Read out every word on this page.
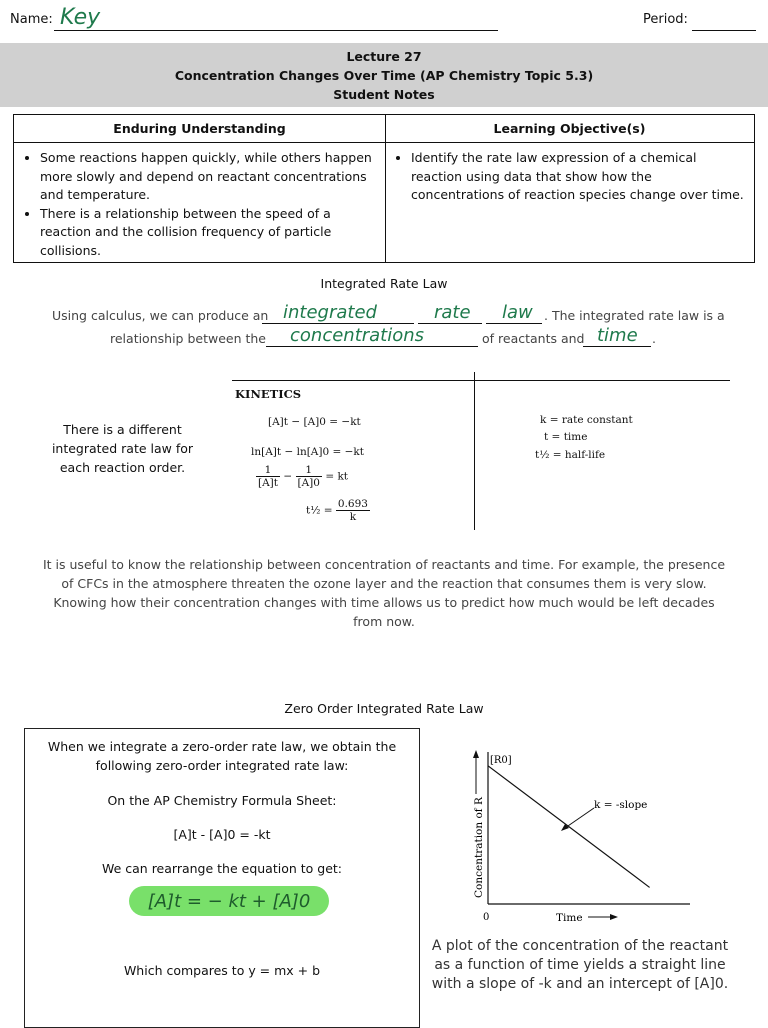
Name: Key	Period:
Lecture 27
Concentration Changes Over Time (AP Chemistry Topic 5.3)
Student Notes
Enduring Understanding
• Some reactions happen quickly, while others happen more slowly and depend on reactant concentrations and temperature.
• There is a relationship between the speed of a reaction and the collision frequency of particle collisions.
Learning Objective(s)
• Identify the rate law expression of a chemical reaction using data that show how the concentrations of reaction species change over time.
Integrated Rate Law
Using calculus, we can produce an integrated	rate law . The integrated rate law is a
relationship between the concentrations	of reactants and time .
KINETICS
[A]t − [A]0 = −kt
ln[A]t − ln[A]0 = −kt
$\frac{1}{[A]t} - \frac{1}{[A]0}$ = kt
t½ = $\frac{0.693}{k}$
k = rate constant
t = time
t½ = half-life
There is a different integrated rate law for each reaction order.
It is useful to know the relationship between concentration of reactants and time. For example, the presence of CFCs in the atmosphere threaten the ozone layer and the reaction that consumes them is very slow. Knowing how their concentration changes with time allows us to predict how much would be left decades from now.
Zero Order Integrated Rate Law
When we integrate a zero-order rate law, we obtain the
following zero-order integrated rate law:
On the AP Chemistry Formula Sheet:
[A]t - [A]0 = -kt
We can rearrange the equation to get:
[A]t = − kt + [A]0
Which compares to y = mx + b
Concentration of R
[R0]
0	Time
k = -slope
A plot of the concentration of the reactant as a function of time yields a straight line with a slope of -k and an intercept of [A]0.
